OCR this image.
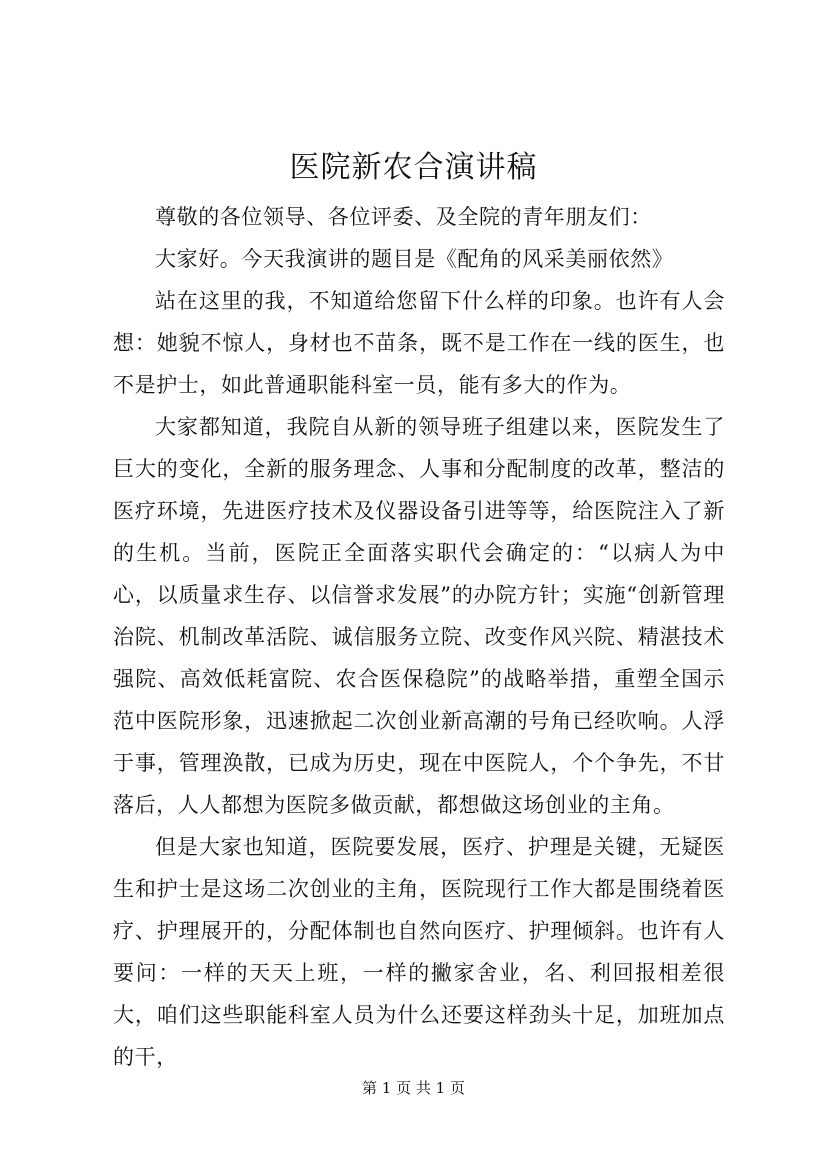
医院新农合演讲稿

尊敬的各位领导、各位评委、及全院的青年朋友们：

大家好。今天我演讲的题目是《配角的风采美丽依然》

站在这里的我，不知道给您留下什么样的印象。也许有人会想：她貌不惊人，身材也不苗条，既不是工作在一线的医生，也不是护士，如此普通职能科室一员，能有多大的作为。

大家都知道，我院自从新的领导班子组建以来，医院发生了巨大的变化，全新的服务理念、人事和分配制度的改革，整洁的医疗环境，先进医疗技术及仪器设备引进等等，给医院注入了新的生机。当前，医院正全面落实职代会确定的：“以病人为中心，以质量求生存、以信誉求发展”的办院方针；实施“创新管理治院、机制改革活院、诚信服务立院、改变作风兴院、精湛技术强院、高效低耗富院、农合医保稳院”的战略举措，重塑全国示范中医院形象，迅速掀起二次创业新高潮的号角已经吹响。人浮于事，管理涣散，已成为历史，现在中医院人，个个争先，不甘落后，人人都想为医院多做贡献，都想做这场创业的主角。

但是大家也知道，医院要发展，医疗、护理是关键，无疑医生和护士是这场二次创业的主角，医院现行工作大都是围绕着医疗、护理展开的，分配体制也自然向医疗、护理倾斜。也许有人要问：一样的天天上班，一样的撇家舍业，名、利回报相差很大，咱们这些职能科室人员为什么还要这样劲头十足，加班加点的干，

第 1 页 共 1 页
